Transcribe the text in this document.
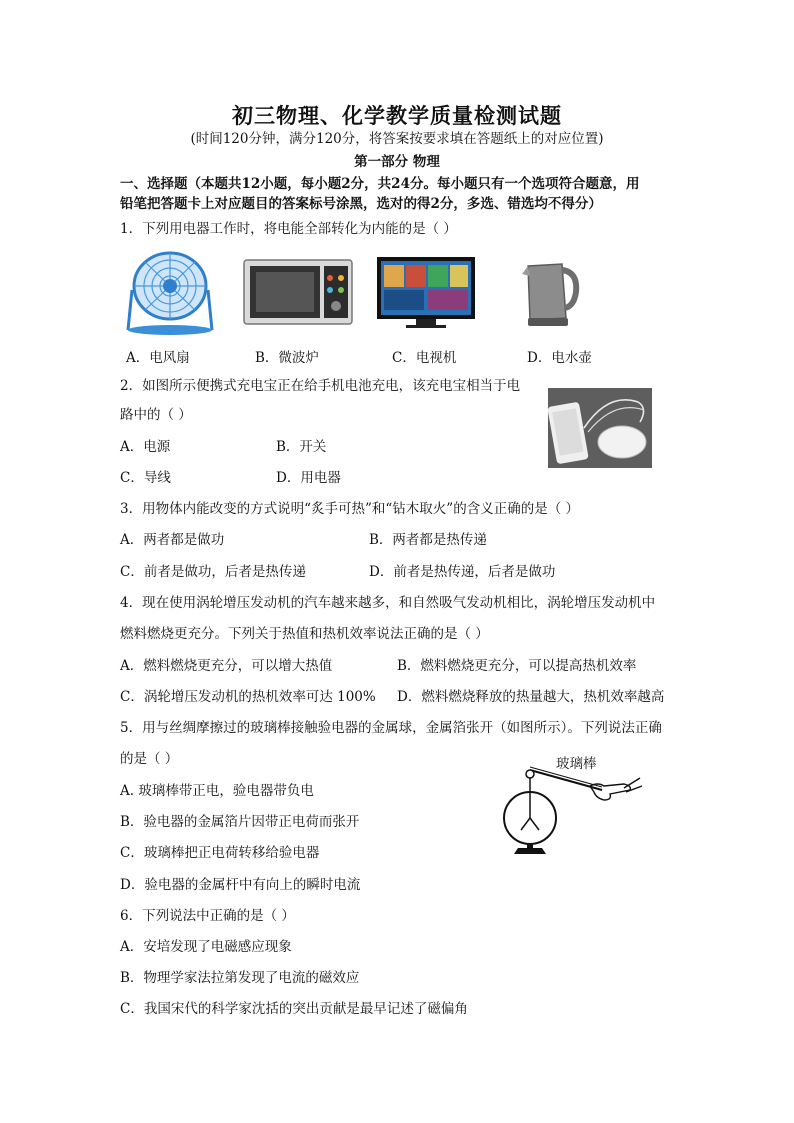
初三物理、化学教学质量检测试题
(时间120分钟，满分120分，将答案按要求填在答题纸上的对应位置)
第一部分 物理
一、选择题（本题共12小题，每小题2分，共24分。每小题只有一个选项符合题意，用
铅笔把答题卡上对应题目的答案标号涂黑，选对的得2分，多选、错选均不得分）
1．下列用电器工作时，将电能全部转化为内能的是（ ）
A．电风扇	B．微波炉	C．电视机	D．电水壶
2．如图所示便携式充电宝正在给手机电池充电，该充电宝相当于电
路中的（ ）
A．电源	B．开关
C．导线	D．用电器
3．用物体内能改变的方式说明“炙手可热”和“钻木取火”的含义正确的是（ ）
A．两者都是做功	B．两者都是热传递
C．前者是做功，后者是热传递	D．前者是热传递，后者是做功
4．现在使用涡轮增压发动机的汽车越来越多，和自然吸气发动机相比，涡轮增压发动机中
燃料燃烧更充分。下列关于热值和热机效率说法正确的是（ ）
A．燃料燃烧更充分，可以增大热值	B．燃料燃烧更充分，可以提高热机效率
C．涡轮增压发动机的热机效率可达 100% D．燃料燃烧释放的热量越大，热机效率越高
5．用与丝绸摩擦过的玻璃棒接触验电器的金属球，金属箔张开（如图所示）。下列说法正确
的是（ ）
A. 玻璃棒带正电，验电器带负电
B．验电器的金属箔片因带正电荷而张开
C．玻璃棒把正电荷转移给验电器
D．验电器的金属杆中有向上的瞬时电流
玻璃棒
6．下列说法中正确的是（ ）
A．安培发现了电磁感应现象
B．物理学家法拉第发现了电流的磁效应
C．我国宋代的科学家沈括的突出贡献是最早记述了磁偏角
